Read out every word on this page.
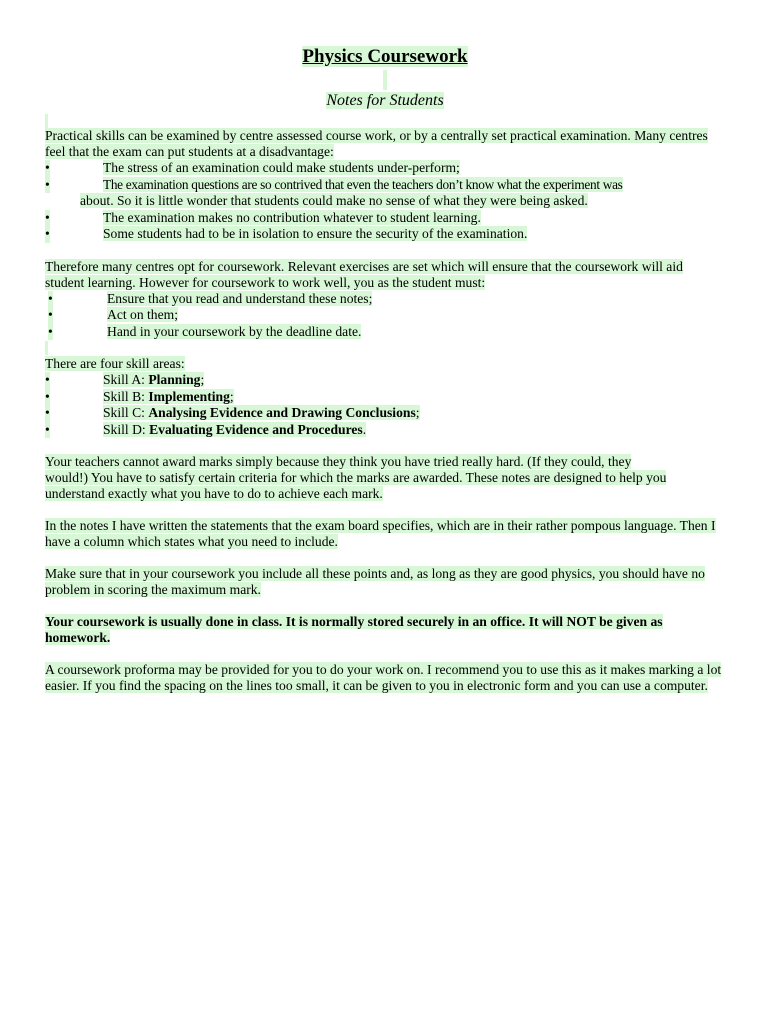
Physics Coursework
Notes for Students

Practical skills can be examined by centre assessed course work, or by a centrally set practical examination. Many centres feel that the exam can put students at a disadvantage:

•	The stress of an examination could make students under-perform;
•	The examination questions are so contrived that even the teachers don’t know what the experiment was
about. So it is little wonder that students could make no sense of what they were being asked.
•	The examination makes no contribution whatever to student learning.
•	Some students had to be in isolation to ensure the security of the examination.

Therefore many centres opt for coursework. Relevant exercises are set which will ensure that the coursework will aid student learning. However for coursework to work well, you as the student must:

•	Ensure that you read and understand these notes;
•	Act on them;
•	Hand in your coursework by the deadline date.

There are four skill areas:

•	Skill A: Planning;
•	Skill B: Implementing;
•	Skill C: Analysing Evidence and Drawing Conclusions;
•	Skill D: Evaluating Evidence and Procedures.

Your teachers cannot award marks simply because they think you have tried really hard. (If they could, they
would!) You have to satisfy certain criteria for which the marks are awarded. These notes are designed to help you understand exactly what you have to do to achieve each mark.

In the notes I have written the statements that the exam board specifies, which are in their rather pompous language. Then I have a column which states what you need to include.

Make sure that in your coursework you include all these points and, as long as they are good physics, you should have no problem in scoring the maximum mark.

Your coursework is usually done in class. It is normally stored securely in an office. It will NOT be given as homework.

A coursework proforma may be provided for you to do your work on. I recommend you to use this as it makes marking a lot easier. If you find the spacing on the lines too small, it can be given to you in electronic form and you can use a computer.
